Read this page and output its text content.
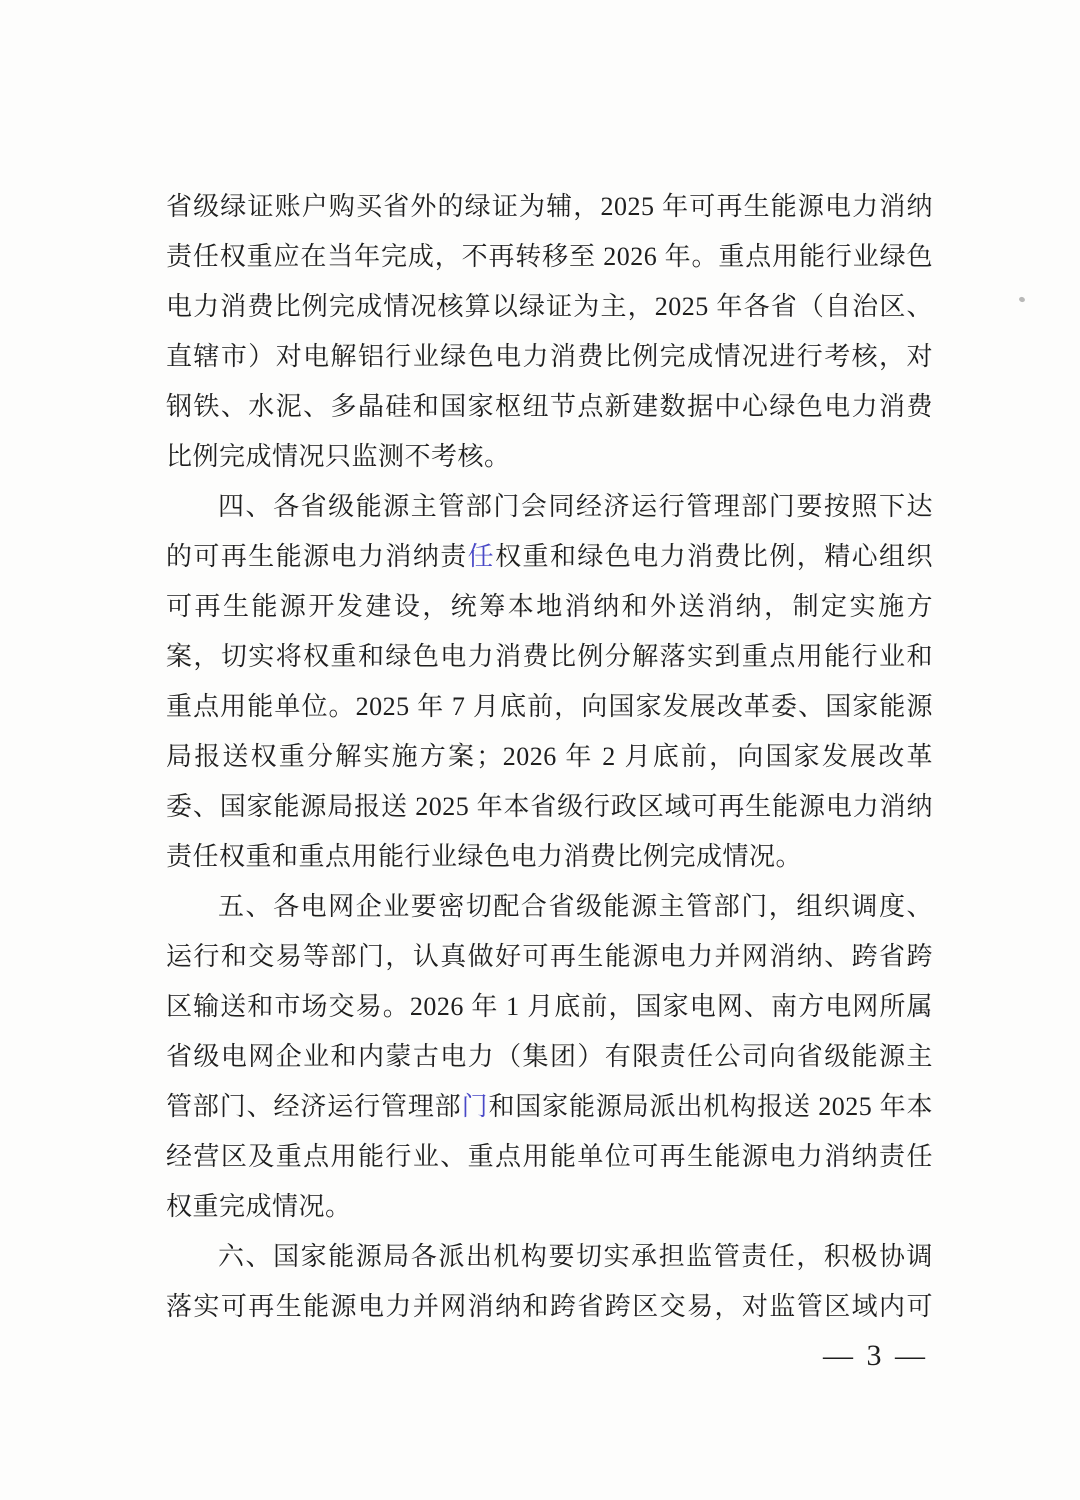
省级绿证账户购买省外的绿证为辅，2025 年可再生能源电力消纳
责任权重应在当年完成，不再转移至 2026 年。重点用能行业绿色
电力消费比例完成情况核算以绿证为主，2025 年各省（自治区、
直辖市）对电解铝行业绿色电力消费比例完成情况进行考核，对
钢铁、水泥、多晶硅和国家枢纽节点新建数据中心绿色电力消费
比例完成情况只监测不考核。
四、各省级能源主管部门会同经济运行管理部门要按照下达
的可再生能源电力消纳责任权重和绿色电力消费比例，精心组织
可再生能源开发建设，统筹本地消纳和外送消纳，制定实施方
案，切实将权重和绿色电力消费比例分解落实到重点用能行业和
重点用能单位。2025 年 7 月底前，向国家发展改革委、国家能源
局报送权重分解实施方案；2026 年 2 月底前，向国家发展改革
委、国家能源局报送 2025 年本省级行政区域可再生能源电力消纳
责任权重和重点用能行业绿色电力消费比例完成情况。
五、各电网企业要密切配合省级能源主管部门，组织调度、
运行和交易等部门，认真做好可再生能源电力并网消纳、跨省跨
区输送和市场交易。2026 年 1 月底前，国家电网、南方电网所属
省级电网企业和内蒙古电力（集团）有限责任公司向省级能源主
管部门、经济运行管理部门和国家能源局派出机构报送 2025 年本
经营区及重点用能行业、重点用能单位可再生能源电力消纳责任
权重完成情况。
六、国家能源局各派出机构要切实承担监管责任，积极协调
落实可再生能源电力并网消纳和跨省跨区交易，对监管区域内可
— 3 —
